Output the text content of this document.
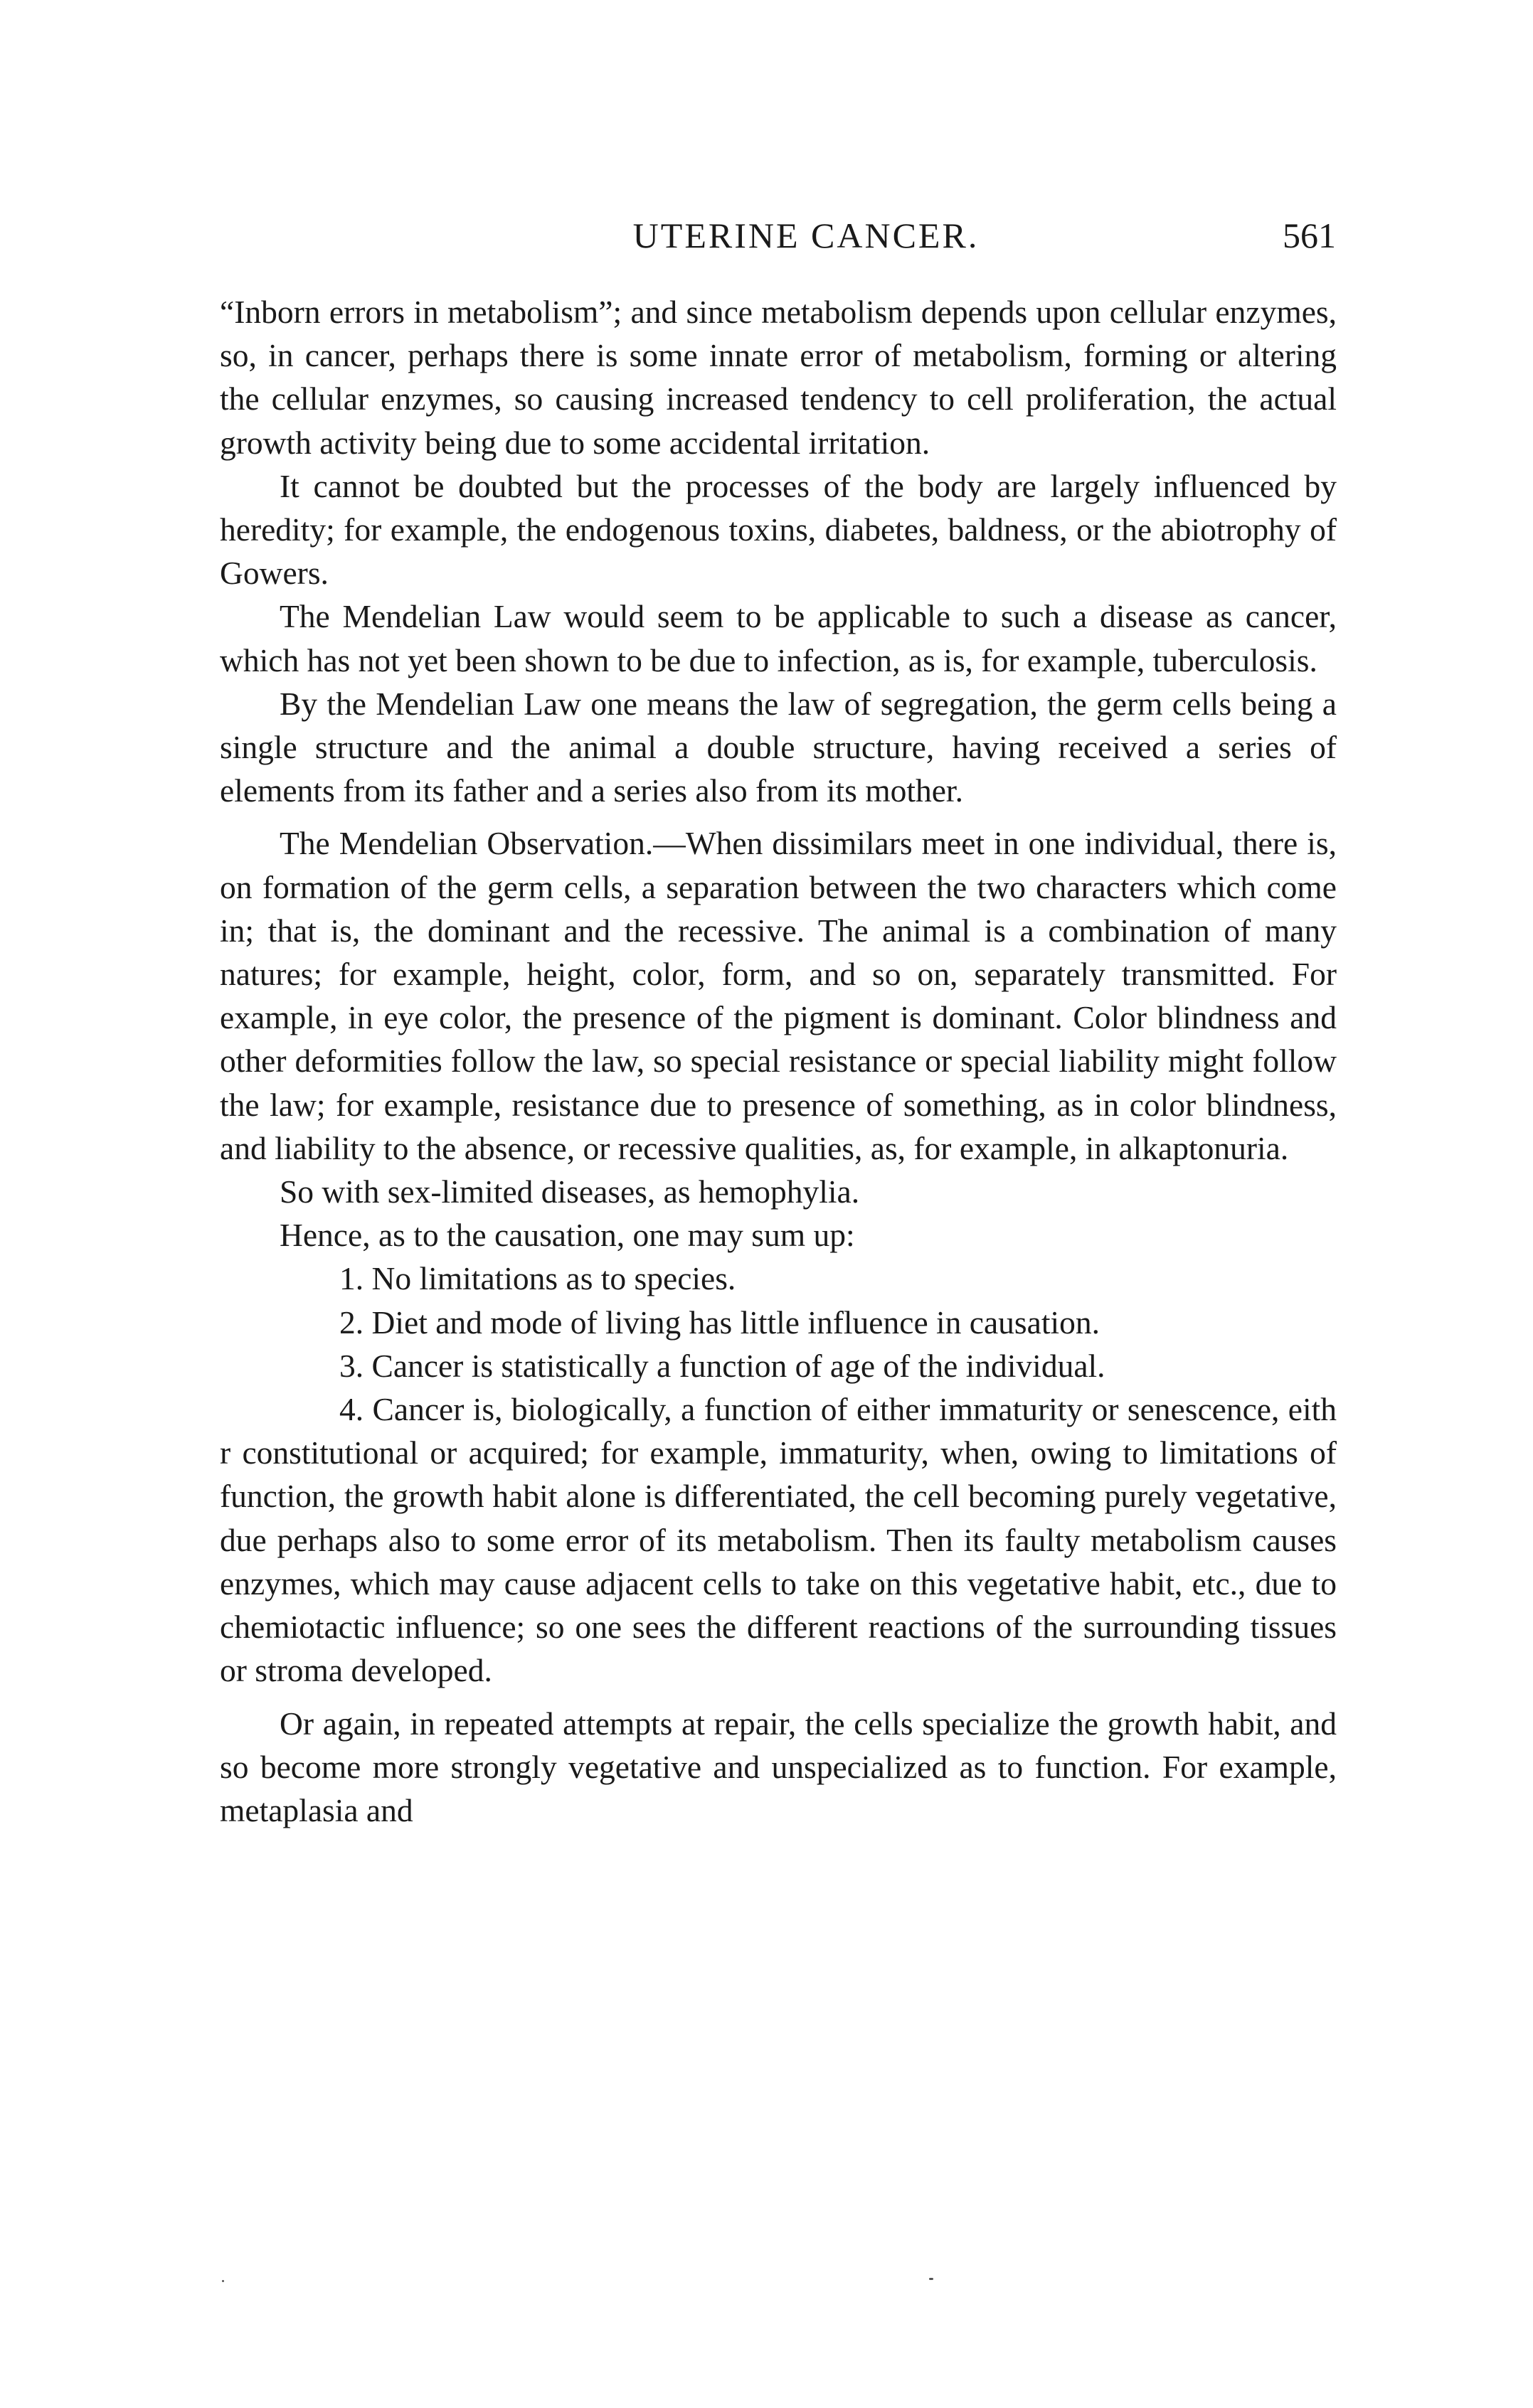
UTERINE CANCER.	561

“Inborn errors in metabolism”; and since metabolism depends upon cellular enzymes, so, in cancer, perhaps there is some innate error of metabolism, forming or altering the cellular enzymes, so causing increased tendency to cell proliferation, the actual growth activity being due to some accidental irritation.

It cannot be doubted but the processes of the body are largely influenced by heredity; for example, the endogenous toxins, diabetes, baldness, or the abiotrophy of Gowers.

The Mendelian Law would seem to be applicable to such a disease as cancer, which has not yet been shown to be due to infection, as is, for example, tuberculosis.

By the Mendelian Law one means the law of segregation, the germ cells being a single structure and the animal a double structure, having received a series of elements from its father and a series also from its mother.

The Mendelian Observation.—When dissimilars meet in one individual, there is, on formation of the germ cells, a separation between the two characters which come in; that is, the dominant and the recessive. The animal is a combination of many natures; for example, height, color, form, and so on, separately transmitted. For example, in eye color, the presence of the pigment is dominant. Color blindness and other deformities follow the law, so special resistance or special liability might follow the law; for example, resistance due to presence of something, as in color blindness, and liability to the absence, or recessive qualities, as, for example, in alkaptonuria.

So with sex-limited diseases, as hemophylia.

Hence, as to the causation, one may sum up:

1. No limitations as to species.

2. Diet and mode of living has little influence in causation.

3. Cancer is statistically a function of age of the individual.

4. Cancer is, biologically, a function of either immaturity or senescence, eith r constitutional or acquired; for example, immaturity, when, owing to limitations of function, the growth habit alone is differentiated, the cell becoming purely vegetative, due perhaps also to some error of its metabolism. Then its faulty metabolism causes enzymes, which may cause adjacent cells to take on this vegetative habit, etc., due to chemiotactic influence; so one sees the different reactions of the surrounding tissues or stroma developed.

Or again, in repeated attempts at repair, the cells specialize the growth habit, and so become more strongly vegetative and unspecialized as to function. For example, metaplasia and
